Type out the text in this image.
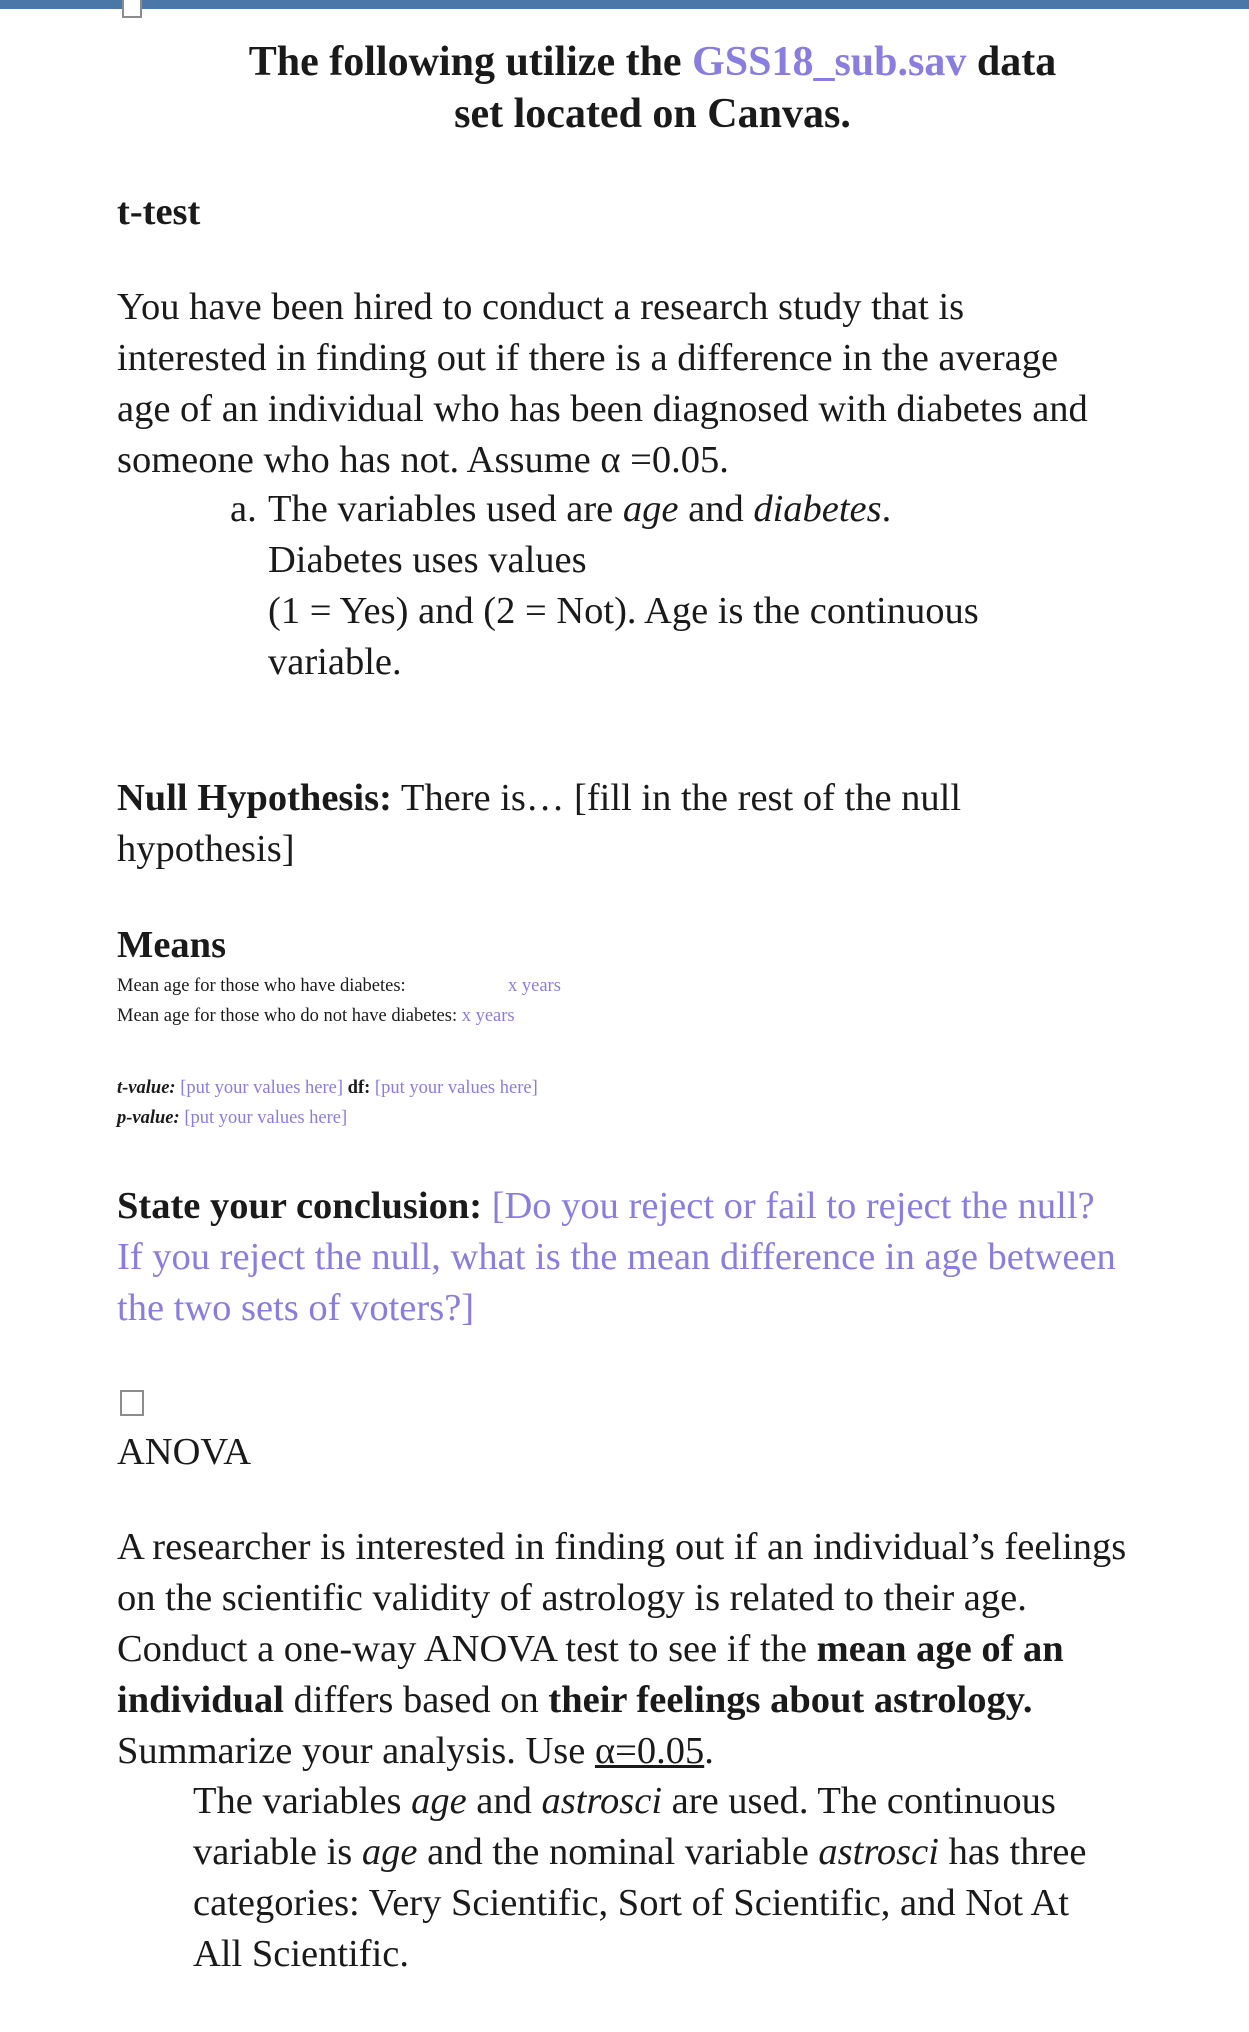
The following utilize the GSS18_sub.sav data
set located on Canvas.
t-test
You have been hired to conduct a research study that is interested in finding out if there is a difference in the average age of an individual who has been diagnosed with diabetes and someone who has not. Assume α =0.05.
a. The variables used are age and diabetes.
Diabetes uses values
(1 = Yes) and (2 = Not). Age is the continuous
variable.
Null Hypothesis: There is… [fill in the rest of the null hypothesis]
Means
Mean age for those who have diabetes:	x years
Mean age for those who do not have diabetes: x years
t-value: [put your values here] df: [put your values here]
p-value: [put your values here]
State your conclusion: [Do you reject or fail to reject the null? If you reject the null, what is the mean difference in age between the two sets of voters?]
ANOVA
A researcher is interested in finding out if an individual’s feelings on the scientific validity of astrology is related to their age. Conduct a one-way ANOVA test to see if the mean age of an individual differs based on their feelings about astrology. Summarize your analysis. Use α=0.05.
The variables age and astrosci are used. The continuous variable is age and the nominal variable astrosci has three categories: Very Scientific, Sort of Scientific, and Not At All Scientific.
